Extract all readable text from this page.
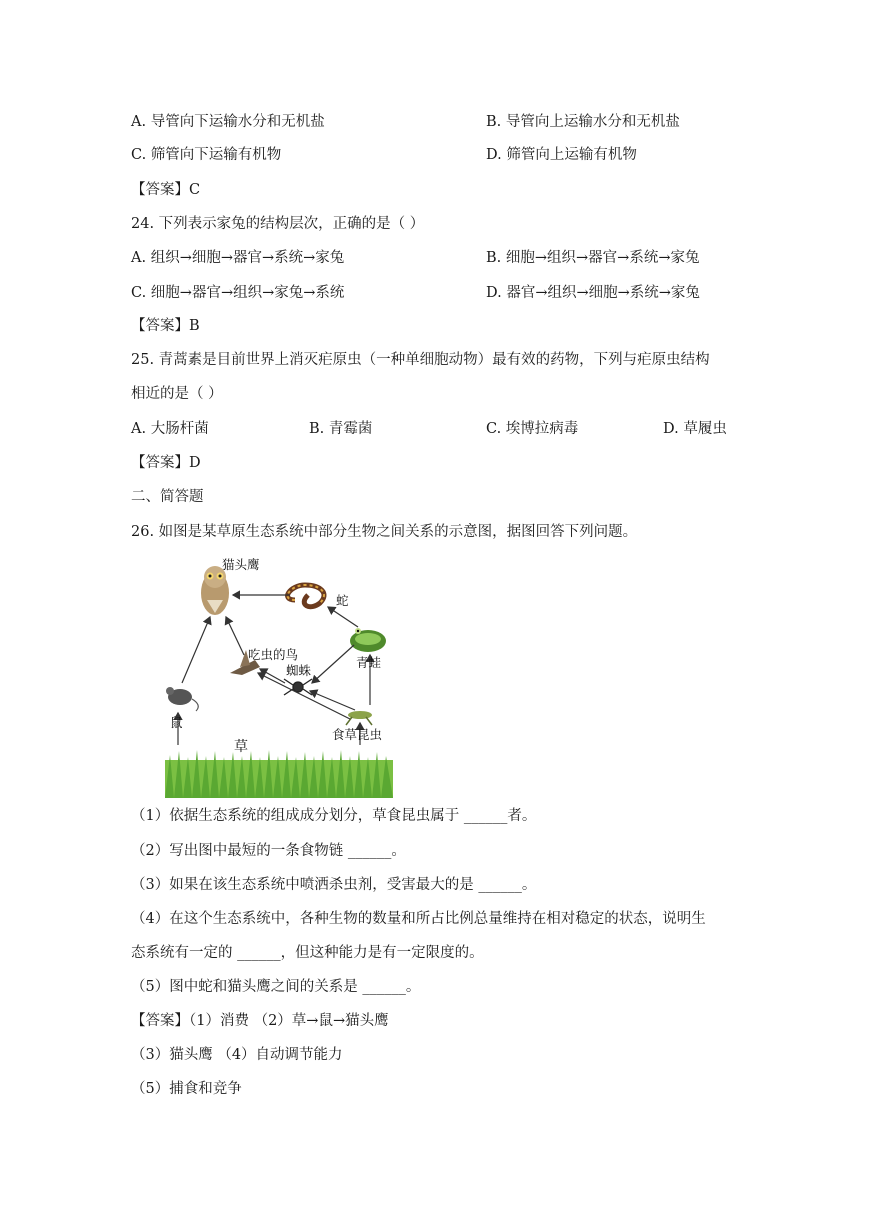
A. 导管向下运输水分和无机盐	B. 导管向上运输水分和无机盐
C. 筛管向下运输有机物	D. 筛管向上运输有机物
【答案】C
24. 下列表示家兔的结构层次，正确的是（ ）
A. 组织→细胞→器官→系统→家兔	B. 细胞→组织→器官→系统→家兔
C. 细胞→器官→组织→家兔→系统	D. 器官→组织→细胞→系统→家兔
【答案】B
25. 青蒿素是目前世界上消灭疟原虫（一种单细胞动物）最有效的药物，下列与疟原虫结构
相近的是（ ）
A. 大肠杆菌	B. 青霉菌	C. 埃博拉病毒	D. 草履虫
【答案】D
二、简答题
26. 如图是某草原生态系统中部分生物之间关系的示意图，据图回答下列问题。
猫头鹰
蛇
吃虫的鸟
蜘蛛
青蛙
鼠
草
食草昆虫
（1）依据生态系统的组成成分划分，草食昆虫属于 ______者。
（2）写出图中最短的一条食物链 ______。
（3）如果在该生态系统中喷洒杀虫剂，受害最大的是 ______。
（4）在这个生态系统中，各种生物的数量和所占比例总量维持在相对稳定的状态，说明生
态系统有一定的 ______，但这种能力是有一定限度的。
（5）图中蛇和猫头鹰之间的关系是 ______。
【答案】（1）消费 （2）草→鼠→猫头鹰
（3）猫头鹰 （4）自动调节能力
（5）捕食和竞争
